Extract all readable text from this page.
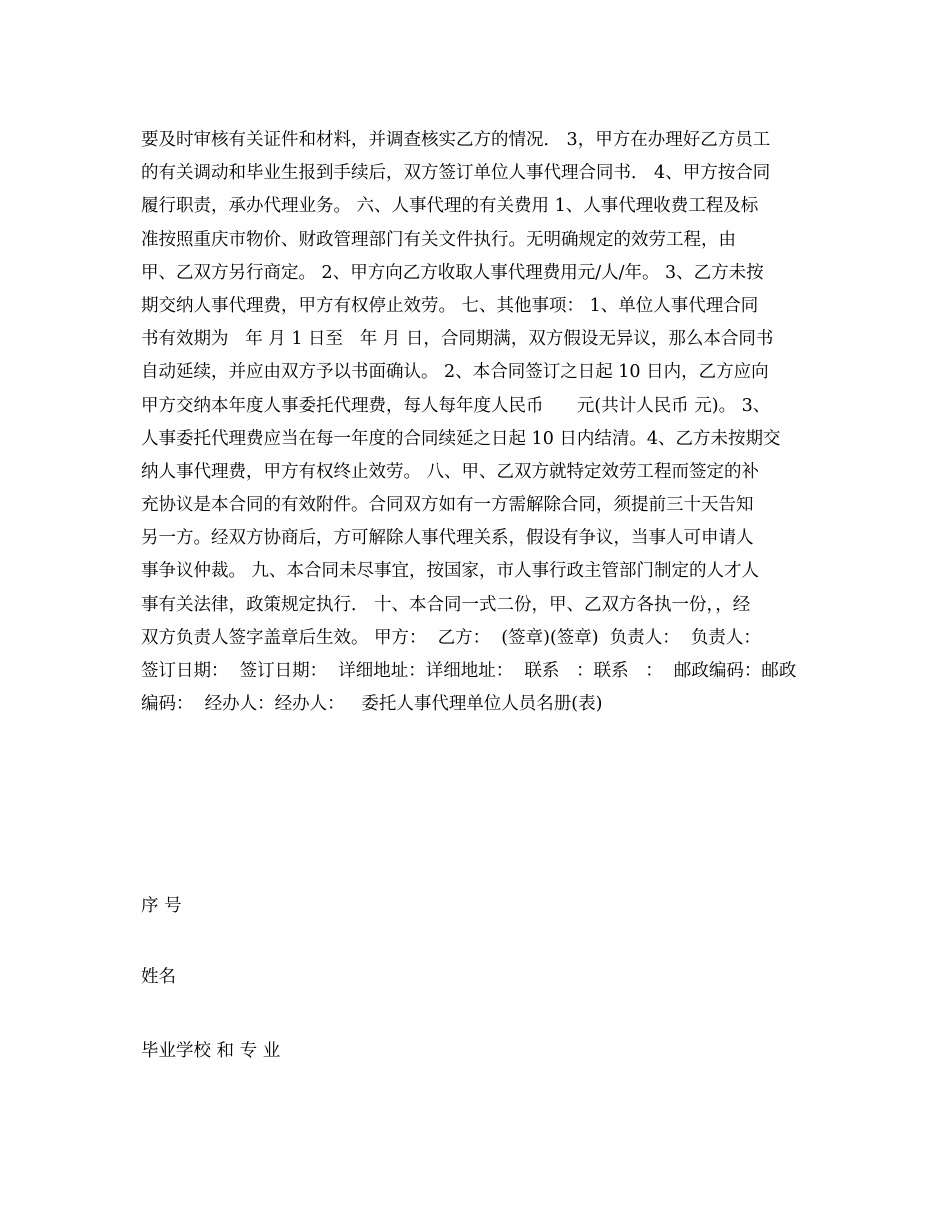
要及时审核有关证件和材料，并调查核实乙方的情况． 3，甲方在办理好乙方员工
的有关调动和毕业生报到手续后，双方签订单位人事代理合同书． 4、甲方按合同
履行职责，承办代理业务。 六、人事代理的有关费用 1、人事代理收费工程及标
准按照重庆市物价、财政管理部门有关文件执行。无明确规定的效劳工程，由
甲、乙双方另行商定。 2、甲方向乙方收取人事代理费用元/人/年。 3、乙方未按
期交纳人事代理费，甲方有权停止效劳。 七、其他事项： 1、单位人事代理合同
书有效期为   年 月 1 日至   年 月 日，合同期满，双方假设无异议，那么本合同书
自动延续，并应由双方予以书面确认。 2、本合同签订之日起 10 日内，乙方应向
甲方交纳本年度人事委托代理费，每人每年度人民币      元(共计人民币 元)。 3、
人事委托代理费应当在每一年度的合同续延之日起 10 日内结清。4、乙方未按期交
纳人事代理费，甲方有权终止效劳。 八、甲、乙双方就特定效劳工程而签定的补
充协议是本合同的有效附件。合同双方如有一方需解除合同，须提前三十天告知
另一方。经双方协商后，方可解除人事代理关系，假设有争议，当事人可申请人
事争议仲裁。 九、本合同未尽事宜，按国家，市人事行政主管部门制定的人才人
事有关法律，政策规定执行． 十、本合同一式二份，甲、乙双方各执一份，，经
双方负责人签字盖章后生效。 甲方：  乙方：  (签章)(签章)  负责人：  负责人：
签订日期：  签订日期：  详细地址：详细地址：  联系   ：联系   ：  邮政编码：邮政
编码：  经办人：经办人：   委托人事代理单位人员名册(表)
序 号
姓名
毕业学校 和 专 业
